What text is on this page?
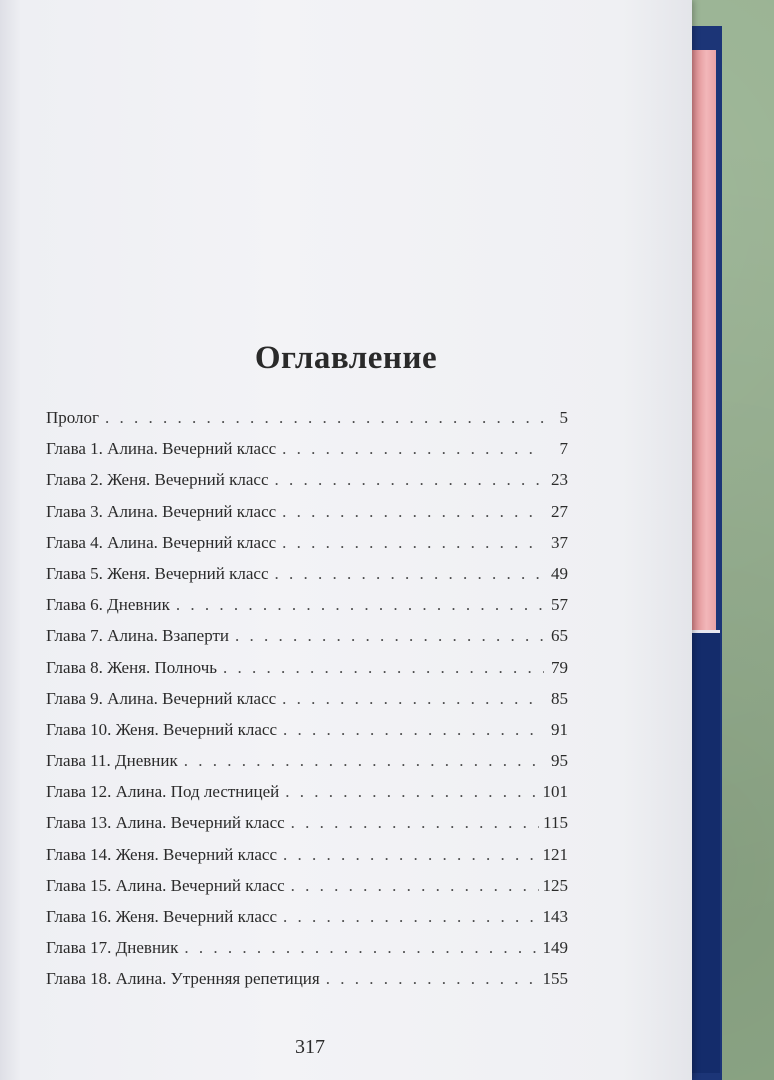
Оглавление
Пролог . . .	5
Глава 1. Алина. Вечерний класс . . .	7
Глава 2. Женя. Вечерний класс . . .	23
Глава 3. Алина. Вечерний класс . . .	27
Глава 4. Алина. Вечерний класс . . .	37
Глава 5. Женя. Вечерний класс . . .	49
Глава 6. Дневник . . .	57
Глава 7. Алина. Взаперти . . .	65
Глава 8. Женя. Полночь . . .	79
Глава 9. Алина. Вечерний класс . . .	85
Глава 10. Женя. Вечерний класс . . .	91
Глава 11. Дневник . . .	95
Глава 12. Алина. Под лестницей . . .	101
Глава 13. Алина. Вечерний класс . . .	115
Глава 14. Женя. Вечерний класс . . .	121
Глава 15. Алина. Вечерний класс . . .	125
Глава 16. Женя. Вечерний класс . . .	143
Глава 17. Дневник . . .	149
Глава 18. Алина. Утренняя репетиция . . .	155
317
